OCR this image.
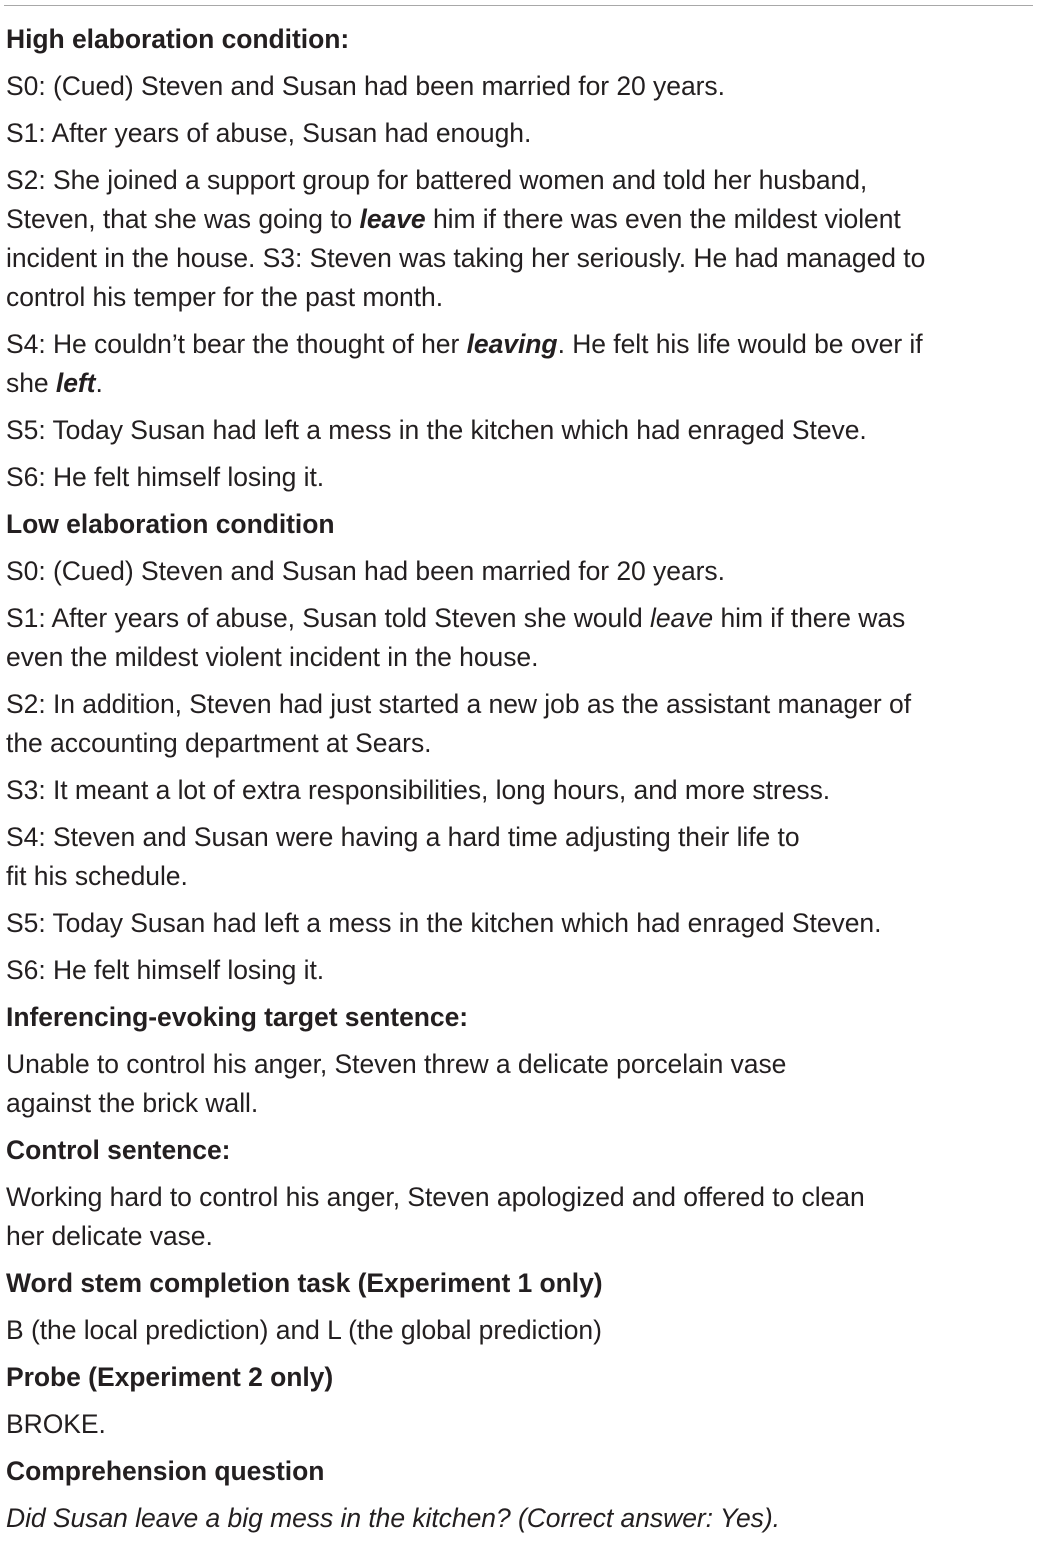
High elaboration condition:
S0: (Cued) Steven and Susan had been married for 20 years.
S1: After years of abuse, Susan had enough.
S2: She joined a support group for battered women and told her husband,
Steven, that she was going to leave him if there was even the mildest violent
incident in the house. S3: Steven was taking her seriously. He had managed to
control his temper for the past month.
S4: He couldn’t bear the thought of her leaving. He felt his life would be over if
she left.
S5: Today Susan had left a mess in the kitchen which had enraged Steve.
S6: He felt himself losing it.
Low elaboration condition
S0: (Cued) Steven and Susan had been married for 20 years.
S1: After years of abuse, Susan told Steven she would leave him if there was
even the mildest violent incident in the house.
S2: In addition, Steven had just started a new job as the assistant manager of
the accounting department at Sears.
S3: It meant a lot of extra responsibilities, long hours, and more stress.
S4: Steven and Susan were having a hard time adjusting their life to
fit his schedule.
S5: Today Susan had left a mess in the kitchen which had enraged Steven.
S6: He felt himself losing it.
Inferencing-evoking target sentence:
Unable to control his anger, Steven threw a delicate porcelain vase
against the brick wall.
Control sentence:
Working hard to control his anger, Steven apologized and offered to clean
her delicate vase.
Word stem completion task (Experiment 1 only)
B (the local prediction) and L (the global prediction)
Probe (Experiment 2 only)
BROKE.
Comprehension question
Did Susan leave a big mess in the kitchen? (Correct answer: Yes).
